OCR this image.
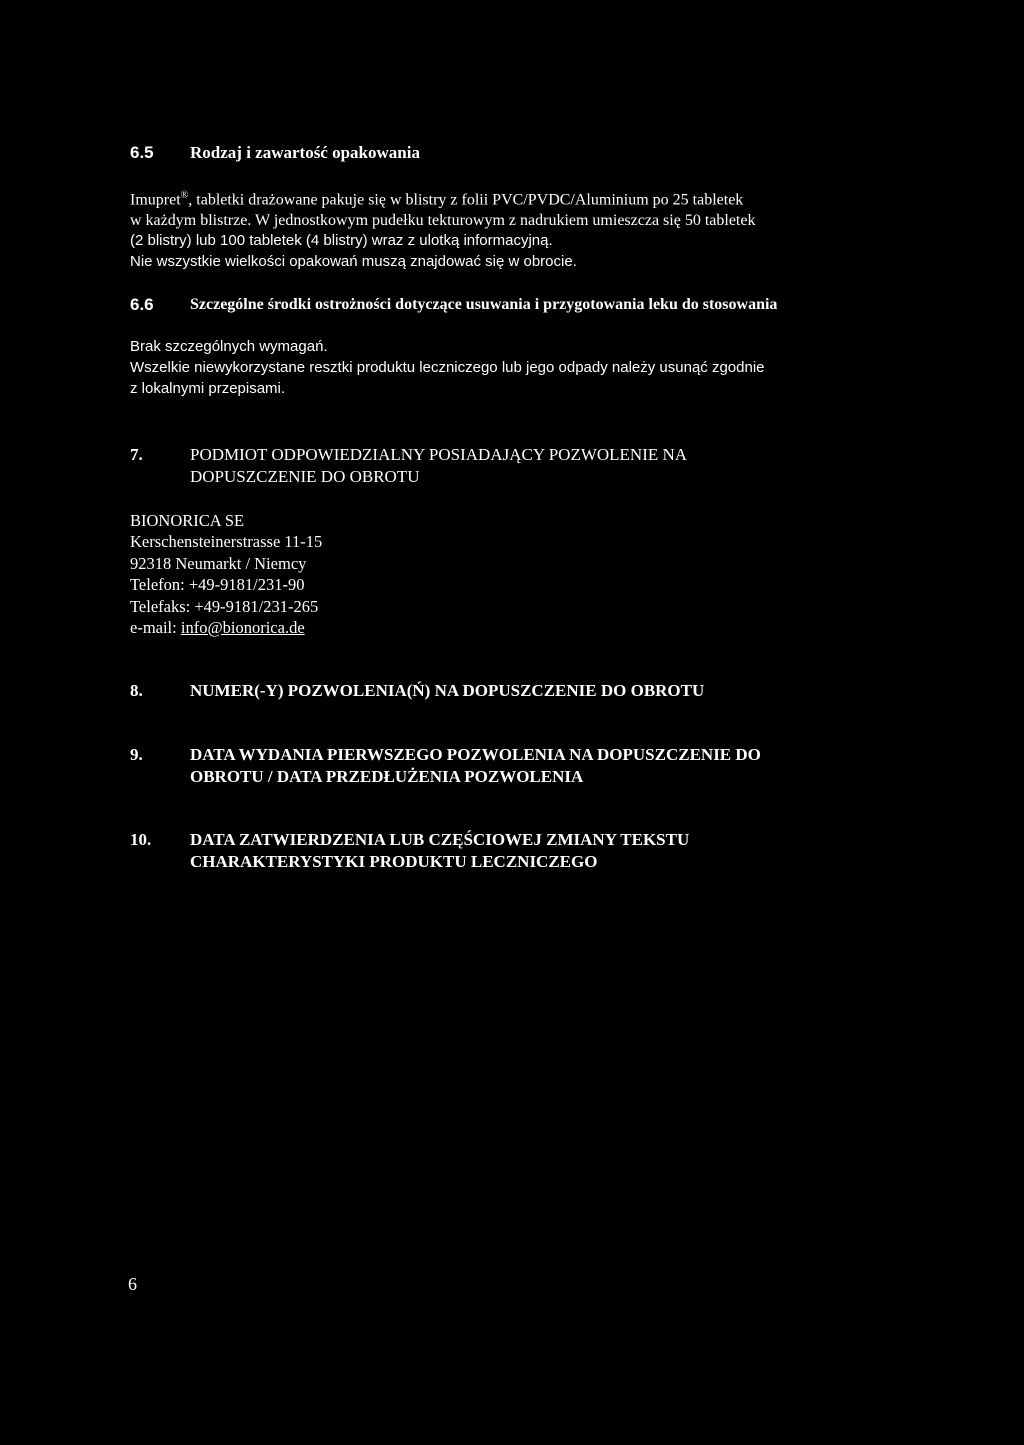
6.5 Rodzaj i zawartość opakowania
Imupret®, tabletki drażowane pakuje się w blistry z folii PVC/PVDC/Aluminium po 25 tabletek
w każdym blistrze. W jednostkowym pudełku tekturowym z nadrukiem umieszcza się 50 tabletek
(2 blistry) lub 100 tabletek (4 blistry) wraz z ulotką informacyjną.
Nie wszystkie wielkości opakowań muszą znajdować się w obrocie.
6.6 Szczególne środki ostrożności dotyczące usuwania i przygotowania leku do stosowania
Brak szczególnych wymagań.
Wszelkie niewykorzystane resztki produktu leczniczego lub jego odpady należy usunąć zgodnie
z lokalnymi przepisami.
7.	PODMIOT ODPOWIEDZIALNY POSIADAJĄCY POZWOLENIE NA
DOPUSZCZENIE DO OBROTU
BIONORICA SE
Kerschensteinerstrasse 11-15
92318 Neumarkt / Niemcy
Telefon: +49-9181/231-90
Telefaks: +49-9181/231-265
e-mail: info@bionorica.de
8.	NUMER(-Y) POZWOLENIA(Ń) NA DOPUSZCZENIE DO OBROTU
9.	DATA WYDANIA PIERWSZEGO POZWOLENIA NA DOPUSZCZENIE DO
OBROTU / DATA PRZEDŁUŻENIA POZWOLENIA
10. DATA ZATWIERDZENIA LUB CZĘŚCIOWEJ ZMIANY TEKSTU
CHARAKTERYSTYKI PRODUKTU LECZNICZEGO
6
